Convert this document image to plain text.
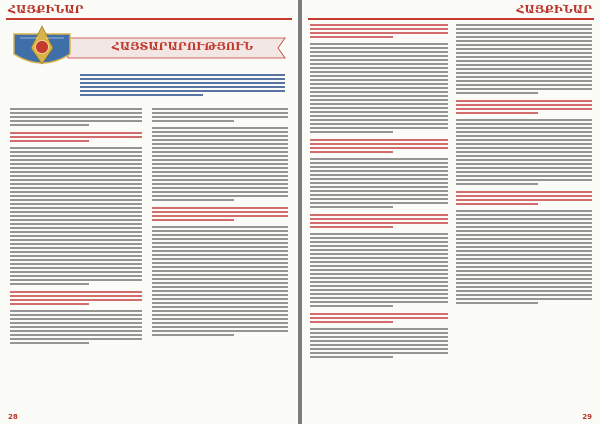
ՀԱՅՔԻՆԱՐ
ՀԱՅՏԱՐԱՐՈՒԹՅՈՒՆ
28
ՀԱՅՔԻՆԱՐ
29
